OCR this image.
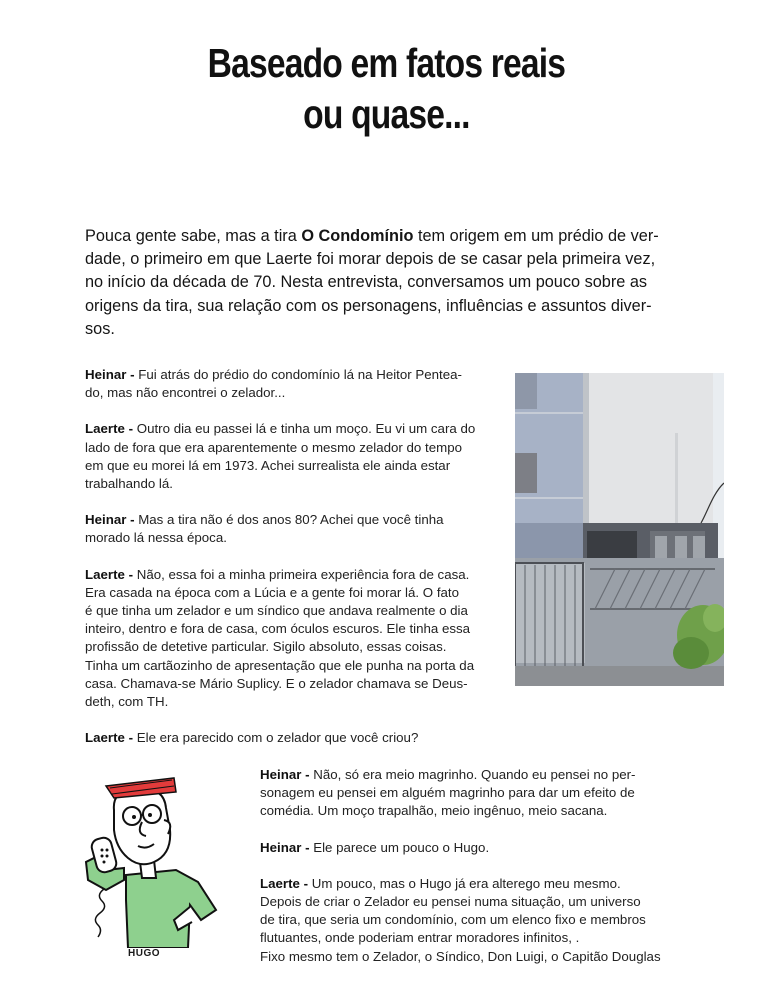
Baseado em fatos reais
ou quase...
Pouca gente sabe, mas a tira O Condomínio tem origem em um prédio de ver-
dade, o primeiro em que Laerte foi morar depois de se casar pela primeira vez,
no início da década de 70. Nesta entrevista, conversamos um pouco sobre as
origens da tira, sua relação com os personagens, influências e assuntos diver-
sos.
Heinar - Fui atrás do prédio do condomínio lá na Heitor Pentea-
do, mas não encontrei o zelador...
Laerte - Outro dia eu passei lá e tinha um moço. Eu vi um cara do
lado de fora que era aparentemente o mesmo zelador do tempo
em que eu morei lá em 1973. Achei surrealista ele ainda estar
trabalhando lá.
Heinar - Mas a tira não é dos anos 80? Achei que você tinha
morado lá nessa época.
Laerte - Não, essa foi a minha primeira experiência fora de casa.
Era casada na época com a Lúcia e a gente foi morar lá. O fato
é que tinha um zelador e um síndico que andava realmente o dia
inteiro, dentro e fora de casa, com óculos escuros. Ele tinha essa
profissão de detetive particular. Sigilo absoluto, essas coisas.
Tinha um cartãozinho de apresentação que ele punha na porta da
casa. Chamava-se Mário Suplicy. E o zelador chamava se Deus-
deth, com TH.
Laerte - Ele era parecido com o zelador que você criou?
Heinar - Não, só era meio magrinho. Quando eu pensei no per-
sonagem eu pensei em alguém magrinho para dar um efeito de
comédia. Um moço trapalhão, meio ingênuo, meio sacana.
Heinar - Ele parece um pouco o Hugo.
Laerte - Um pouco, mas o Hugo já era alterego meu mesmo.
Depois de criar o Zelador eu pensei numa situação, um universo
de tira, que seria um condomínio, com um elenco fixo e membros
flutuantes, onde poderiam entrar moradores infinitos, .
Fixo mesmo tem o Zelador, o Síndico, Don Luigi, o Capitão Douglas
HUGO
